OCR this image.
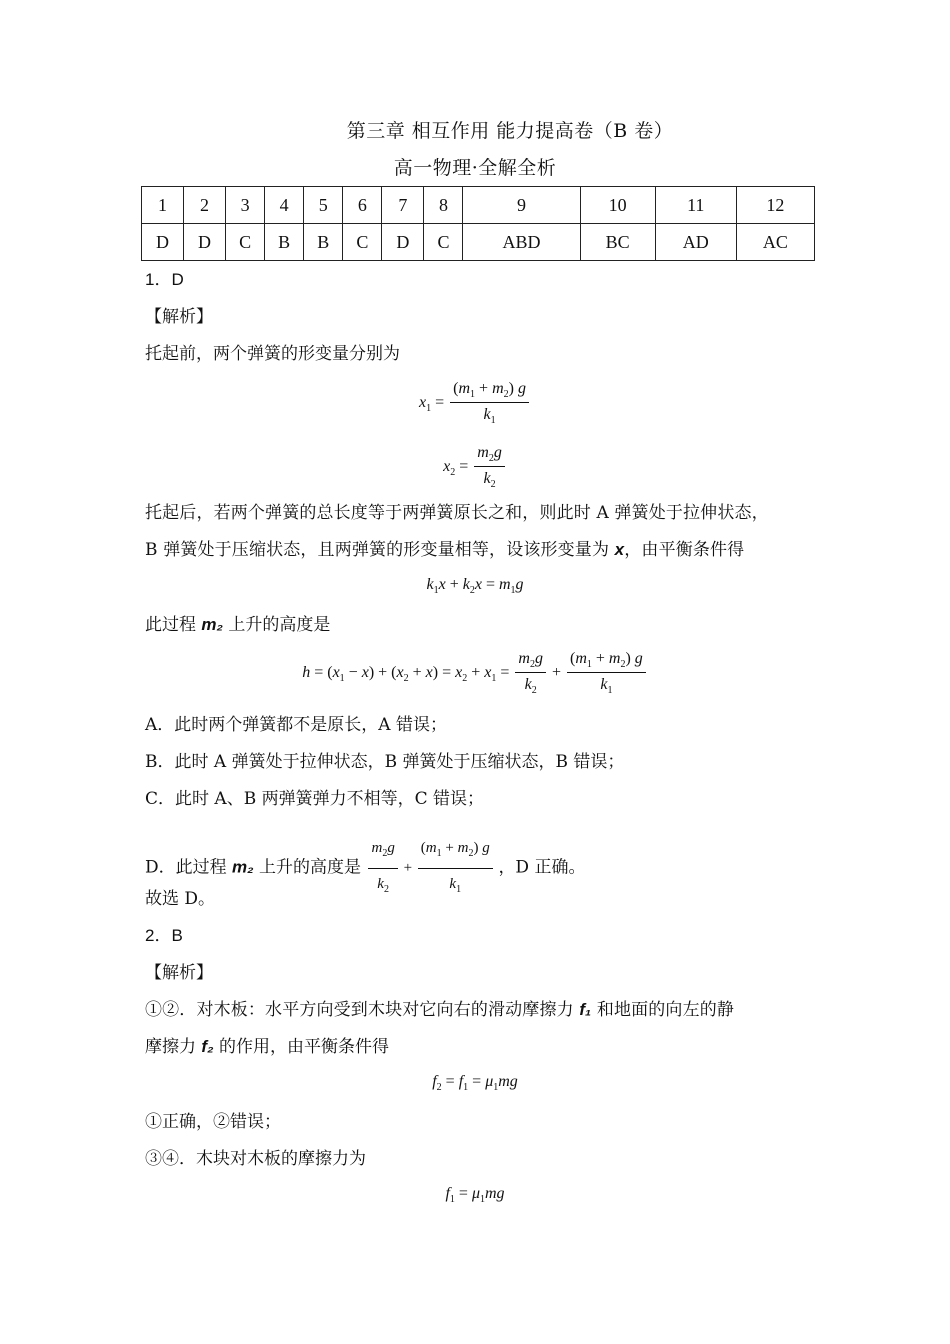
第三章 相互作用 能力提高卷（B 卷）
高一物理·全解全析
1	2	3	4	5	6	7	8	9	10	11	12
D	D	C	B	B	C	D	C	ABD	BC	AD	AC
1．D
【解析】
托起前，两个弹簧的形变量分别为
$x_1 = \frac{(m_1 + m_2) g}{k_1}$
$x_2 = \frac{m_2g}{k_2}$
托起后，若两个弹簧的总长度等于两弹簧原长之和，则此时 A 弹簧处于拉伸状态，
B 弹簧处于压缩状态，且两弹簧的形变量相等，设该形变量为 x，由平衡条件得
$k_1x + k_2x = m_1g$
此过程 m₂ 上升的高度是
$h = (x_1 - x) + (x_2 + x) = x_2 + x_1 = \frac{m_2g}{k_2} + \frac{(m_1 + m_2) g}{k_1}$
A．此时两个弹簧都不是原长，A 错误；
B．此时 A 弹簧处于拉伸状态，B 弹簧处于压缩状态，B 错误；
C．此时 A、B 两弹簧弹力不相等，C 错误；
D．此过程 m₂ 上升的高度是 $\frac{m_2g}{k_2} + \frac{(m_1 + m_2) g}{k_1}$ ，D 正确。
故选 D。
2．B
【解析】
①②．对木板：水平方向受到木块对它向右的滑动摩擦力 f₁ 和地面的向左的静
摩擦力 f₂ 的作用，由平衡条件得
$f_2 = f_1 = \mu_1mg$
①正确，②错误；
③④．木块对木板的摩擦力为
$f_1 = \mu_1mg$
